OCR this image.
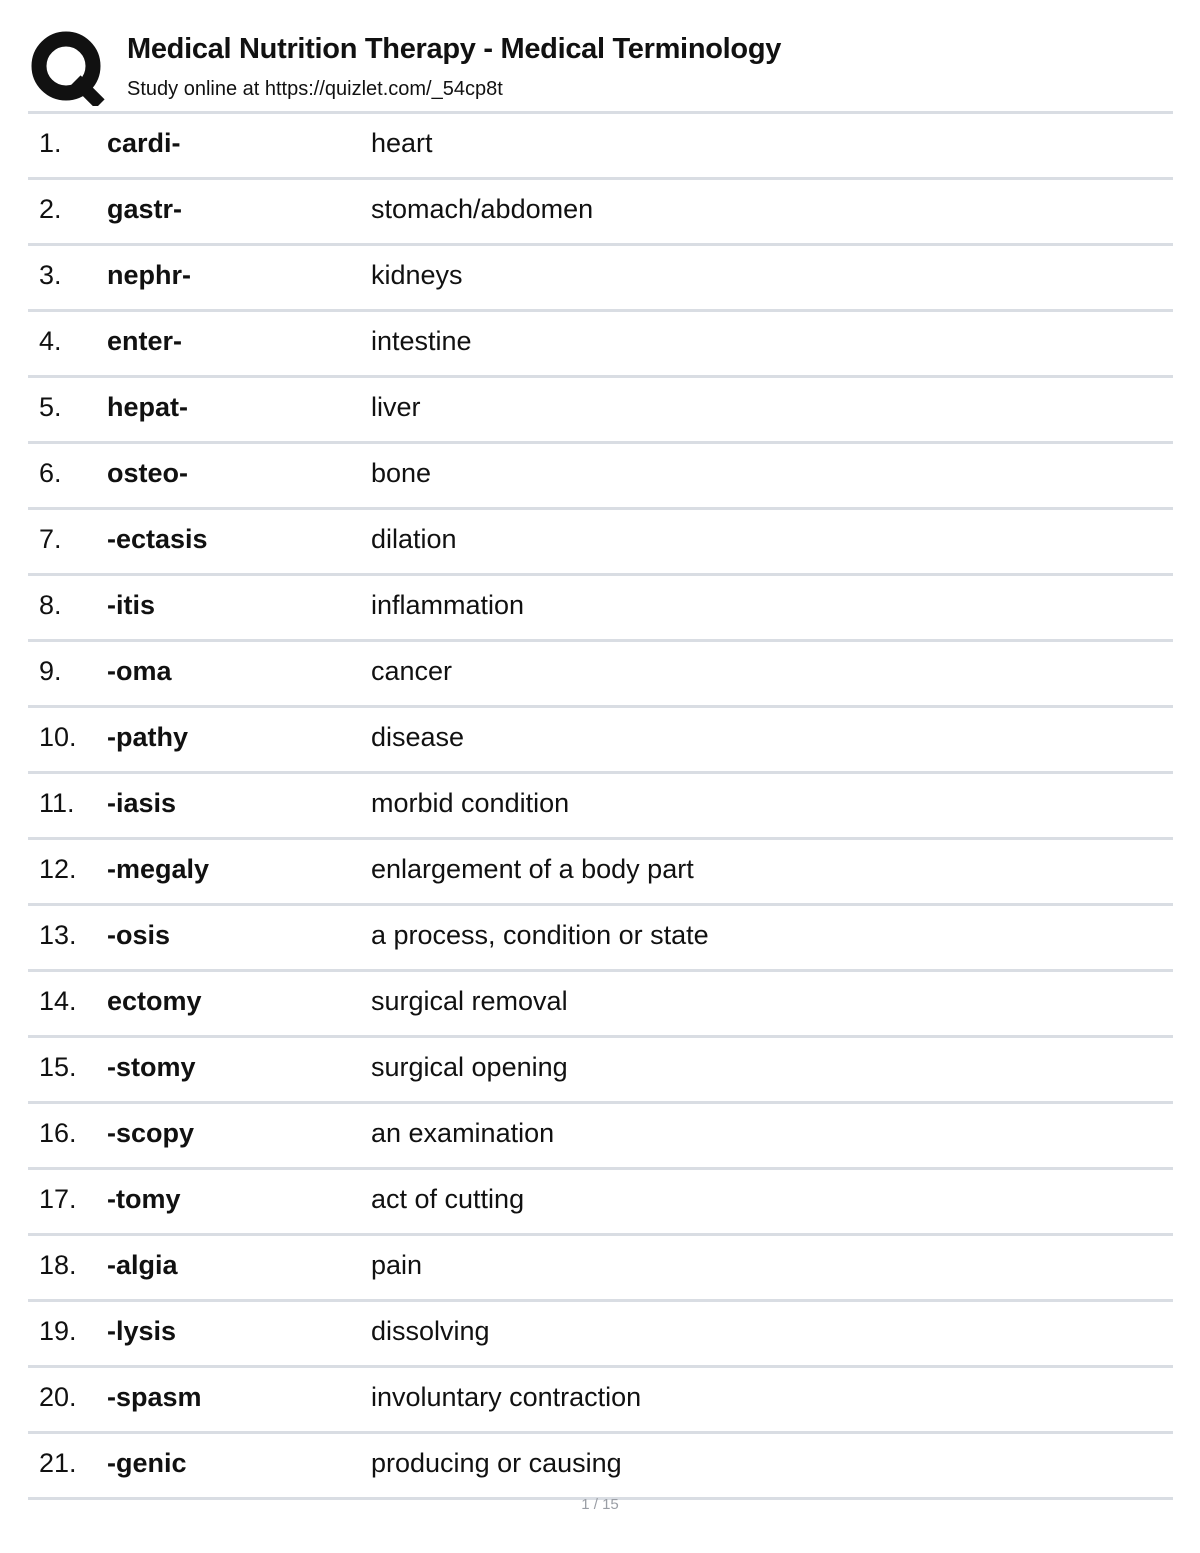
Medical Nutrition Therapy - Medical Terminology
Study online at https://quizlet.com/_54cp8t
1. cardi-	heart
2. gastr-	stomach/abdomen
3. nephr-	kidneys
4. enter-	intestine
5. hepat-	liver
6. osteo-	bone
7. -ectasis	dilation
8. -itis	inflammation
9. -oma	cancer
10. -pathy	disease
11. -iasis	morbid condition
12. -megaly	enlargement of a body part
13. -osis	a process, condition or state
14. ectomy	surgical removal
15. -stomy	surgical opening
16. -scopy	an examination
17. -tomy	act of cutting
18. -algia	pain
19. -lysis	dissolving
20. -spasm	involuntary contraction
21. -genic	producing or causing
1 / 15
